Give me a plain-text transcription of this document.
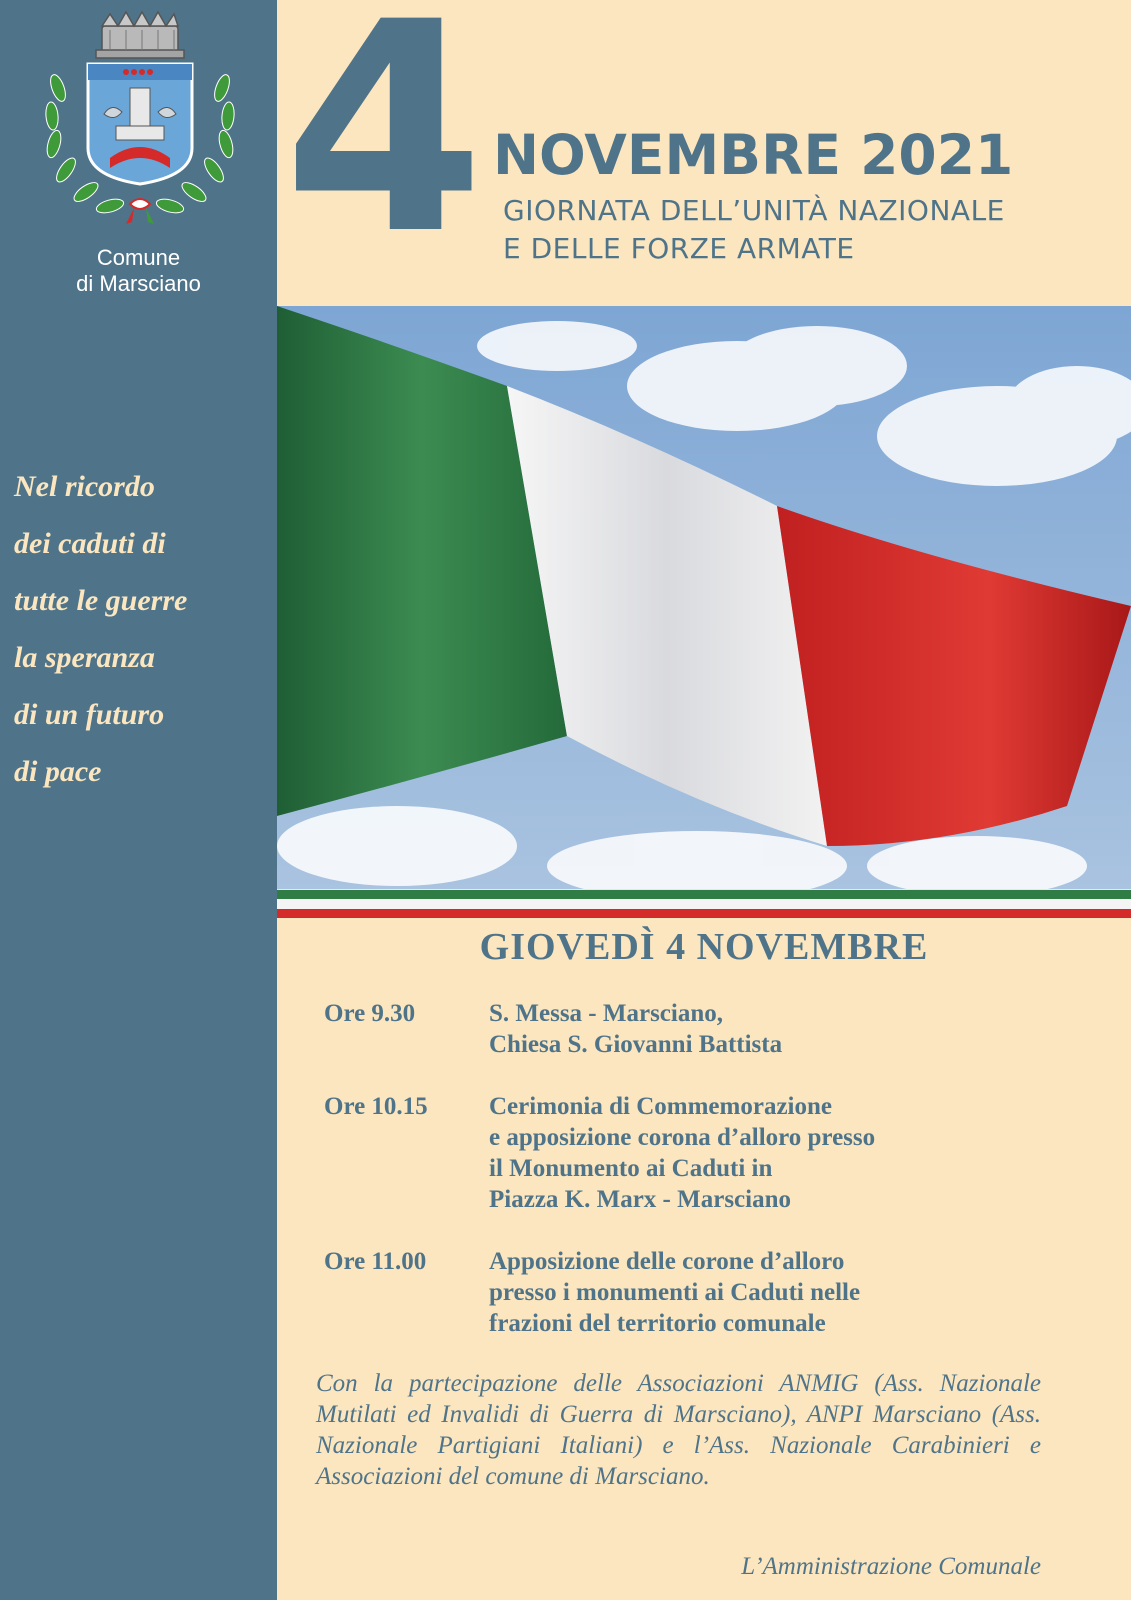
Comune
di Marsciano
Nel ricordo
dei caduti di
tutte le guerre
la speranza
di un futuro
di pace
4 NOVEMBRE 2021
GIORNATA DELL’UNITÀ NAZIONALE
E DELLE FORZE ARMATE
GIOVEDÌ 4 NOVEMBRE
Ore 9.30	S. Messa - Marsciano,
Chiesa S. Giovanni Battista
Ore 10.15	Cerimonia di Commemorazione
e apposizione corona d’alloro presso
il Monumento ai Caduti in
Piazza K. Marx - Marsciano
Ore 11.00	Apposizione delle corone d’alloro
presso i monumenti ai Caduti nelle
frazioni del territorio comunale
Con la partecipazione delle Associazioni ANMIG (Ass. Nazionale Mutilati ed Invalidi di Guerra di Marsciano), ANPI Marsciano (Ass. Nazionale Partigiani Italiani) e l’Ass. Nazionale Carabinieri e Associazioni del comune di Marsciano.
L’Amministrazione Comunale
